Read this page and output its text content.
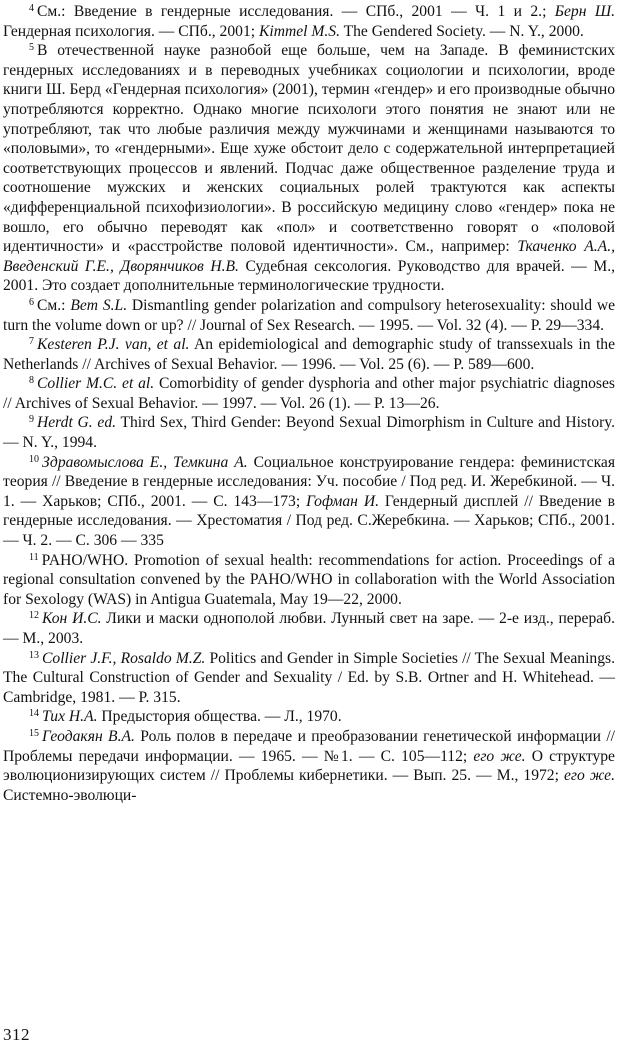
$^4$ См.: Введение в гендерные исследования. — СПб., 2001 — Ч. 1 и 2.; Берн Ш. Гендерная психология. — СПб., 2001; Kimmel M.S. The Gendered Society. — N. Y., 2000.

$^5$ В отечественной науке разнобой еще больше, чем на Западе. В феминистских гендерных исследованиях и в переводных учебниках социологии и психологии, вроде книги Ш. Берд «Гендерная психология» (2001), термин «гендер» и его производные обычно употребляются корректно. Однако многие психологи этого понятия не знают или не употребляют, так что любые различия между мужчинами и женщинами называются то «половыми», то «гендерными». Еще хуже обстоит дело с содержательной интерпретацией соответствующих процессов и явлений. Подчас даже общественное разделение труда и соотношение мужских и женских социальных ролей трактуются как аспекты «дифференциальной психофизиологии». В российскую медицину слово «гендер» пока не вошло, его обычно переводят как «пол» и соответственно говорят о «половой идентичности» и «расстройстве половой идентичности». См., например: Ткаченко А.А., Введенский Г.Е., Дворянчиков Н.В. Судебная сексология. Руководство для врачей. — М., 2001. Это создает дополнительные терминологические трудности.

$^6$ См.: Bem S.L. Dismantling gender polarization and compulsory heterosexuality: should we turn the volume down or up? // Journal of Sex Research. — 1995. — Vol. 32 (4). — P. 29—334.

$^7$ Kesteren P.J. van, et al. An epidemiological and demographic study of transsexuals in the Netherlands // Archives of Sexual Behavior. — 1996. — Vol. 25 (6). — P. 589—600.

$^8$ Collier M.C. et al. Comorbidity of gender dysphoria and other major psychiatric diagnoses // Archives of Sexual Behavior. — 1997. — Vol. 26 (1). — P. 13—26.

$^9$ Herdt G. ed. Third Sex, Third Gender: Beyond Sexual Dimorphism in Culture and History. — N. Y., 1994.

$^{10}$ Здравомыслова Е., Темкина А. Социальное конструирование гендера: феминистская теория // Введение в гендерные исследования: Уч. пособие / Под ред. И. Жеребкиной. — Ч. 1. — Харьков; СПб., 2001. — С. 143—173; Гофман И. Гендерный дисплей // Введение в гендерные исследования. — Хрестоматия / Под ред. С.Жеребкина. — Харьков; СПб., 2001. — Ч. 2. — С. 306 — 335

$^{11}$ PAHO/WHO. Promotion of sexual health: recommendations for action. Proceedings of a regional consultation convened by the PAHO/WHO in collaboration with the World Association for Sexology (WAS) in Antigua Guatemala, May 19—22, 2000.

$^{12}$ Кон И.С. Лики и маски однополой любви. Лунный свет на заре. — 2-е изд., перераб. — М., 2003.

$^{13}$ Collier J.F., Rosaldo M.Z. Politics and Gender in Simple Societies // The Sexual Meanings. The Cultural Construction of Gender and Sexuality / Ed. by S.B. Ortner and H. Whitehead. — Cambridge, 1981. — P. 315.

$^{14}$ Тих Н.А. Предыстория общества. — Л., 1970.

$^{15}$ Геодакян В.А. Роль полов в передаче и преобразовании генетической информации // Проблемы передачи информации. — 1965. — №1. — С. 105—112; его же. О структуре эволюционизирующих систем // Проблемы кибернетики. — Вып. 25. — М., 1972; его же. Системно-эволюци-

312
